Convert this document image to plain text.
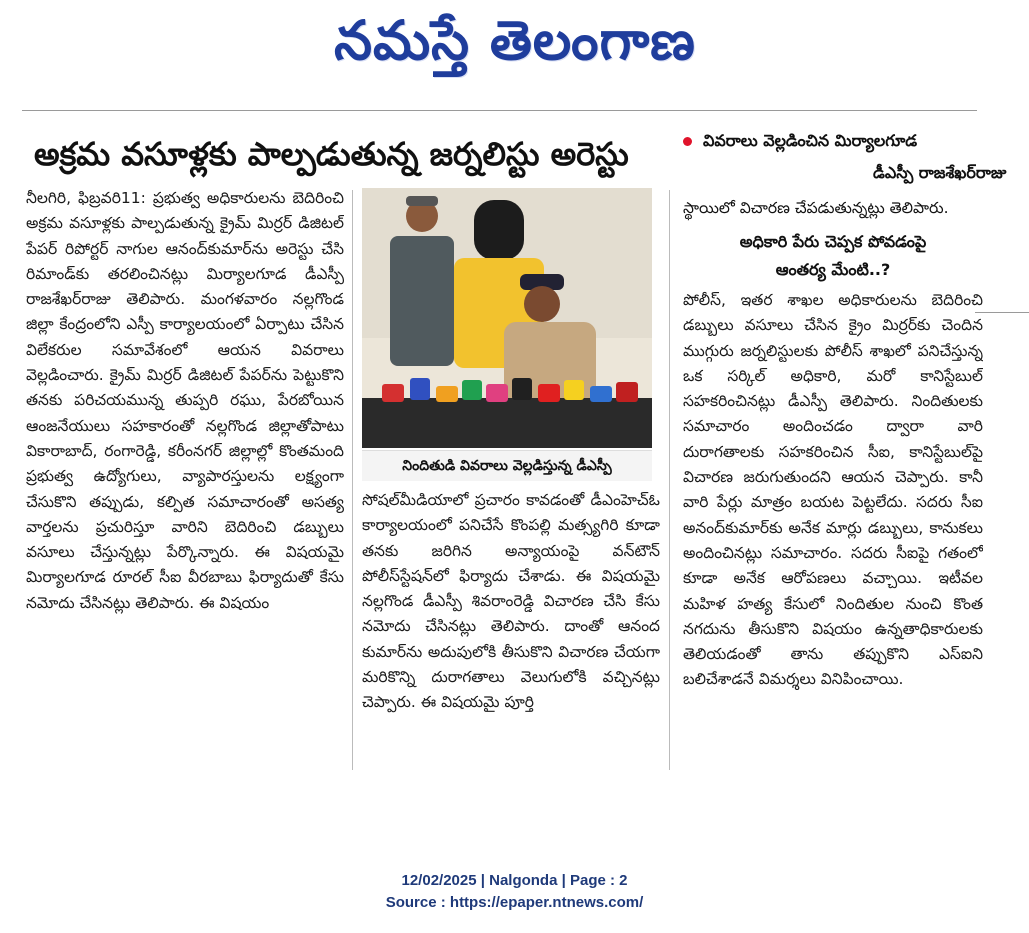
నమస్తే తెలంగాణ
అక్రమ వసూళ్లకు పాల్పడుతున్న జర్నలిస్టు అరెస్టు

నీలగిరి, ఫిబ్రవరి11: ప్రభుత్వ అధికారులను బెదిరించి అక్రమ వసూళ్లకు పాల్పడుతున్న క్రైమ్ మిర్రర్ డిజిటల్ పేపర్ రిపోర్టర్ నాగుల ఆనంద్‌కుమార్‌ను అరెస్టు చేసి రిమాండ్‌కు తరలించినట్లు మిర్యాలగూడ డీఎస్పీ రాజశేఖర్‌రాజు తెలిపారు. మంగళవారం నల్లగొండ జిల్లా కేంద్రంలోని ఎస్పీ కార్యాలయంలో ఏర్పాటు చేసిన విలేకరుల సమావేశంలో ఆయన వివరాలు వెల్లడించారు. క్రైమ్ మిర్రర్ డిజిటల్ పేపర్‌ను పెట్టుకొని తనకు పరిచయమున్న తుప్పరి రఘు, పేరబోయిన ఆంజనేయులు సహకారంతో నల్లగొండ జిల్లాతోపాటు వికారాబాద్, రంగారెడ్డి, కరీంనగర్ జిల్లాల్లో కొంతమంది ప్రభుత్వ ఉద్యోగులు, వ్యాపారస్తులను లక్ష్యంగా చేసుకొని తప్పుడు, కల్పిత సమాచారంతో అసత్య వార్తలను ప్రచురిస్తూ వారిని బెదిరించి డబ్బులు వసూలు చేస్తున్నట్లు పేర్కొన్నారు. ఈ విషయమై మిర్యాలగూడ రూరల్ సీఐ వీరబాబు ఫిర్యాదుతో కేసు నమోదు చేసినట్లు తెలిపారు. ఈ విషయం

నిందితుడి వివరాలు వెల్లడిస్తున్న డీఎస్పీ

సోషల్‌మీడియాలో ప్రచారం కావడంతో డీఎంహెచ్‌ఓ కార్యాలయంలో పనిచేసే కొంపల్లి మత్స్యగిరి కూడా తనకు జరిగిన అన్యాయంపై వన్‌టౌన్ పోలీస్‌స్టేషన్‌లో ఫిర్యాదు చేశాడు. ఈ విషయమై నల్లగొండ డీఎస్పీ శివరాంరెడ్డి విచారణ చేసి కేసు నమోదు చేసినట్లు తెలిపారు. దాంతో ఆనంద కుమార్‌ను అదుపులోకి తీసుకొని విచారణ చేయగా మరికొన్ని దురాగతాలు వెలుగులోకి వచ్చినట్లు చెప్పారు. ఈ విషయమై పూర్తి

వివరాలు వెల్లడించిన మిర్యాలగూడ
డీఎస్పీ రాజశేఖర్‌రాజు
స్థాయిలో విచారణ చేపడుతున్నట్లు తెలిపారు.
అధికారి పేరు చెప్పక పోవడంపై
ఆంతర్య మేంటి..?

పోలీస్, ఇతర శాఖల అధికారులను బెదిరించి డబ్బులు వసూలు చేసిన క్రైం మిర్రర్‌కు చెందిన ముగ్గురు జర్నలిస్టులకు పోలీస్ శాఖలో పనిచేస్తున్న ఒక సర్కిల్ అధికారి, మరో కానిస్టేబుల్ సహకరించినట్లు డీఎస్పీ తెలిపారు. నిందితులకు సమాచారం అందించడం ద్వారా వారి దురాగతాలకు సహకరించిన సీఐ, కానిస్టేబుల్‌పై విచారణ జరుగుతుందని ఆయన చెప్పారు. కానీ వారి పేర్లు మాత్రం బయట పెట్టలేదు. సదరు సీఐ అనంద్‌కుమార్‌కు అనేక మార్లు డబ్బులు, కానుకలు అందించినట్లు సమాచారం. సదరు సీఐపై గతంలో కూడా అనేక ఆరోపణలు వచ్చాయి. ఇటీవల మహిళ హత్య కేసులో నిందితుల నుంచి కొంత నగదును తీసుకొని విషయం ఉన్నతాధికారులకు తెలియడంతో తాను తప్పుకొని ఎస్ఐని బలిచేశాడనే విమర్శలు వినిపించాయి.

12/02/2025 | Nalgonda | Page : 2
Source : https://epaper.ntnews.com/
